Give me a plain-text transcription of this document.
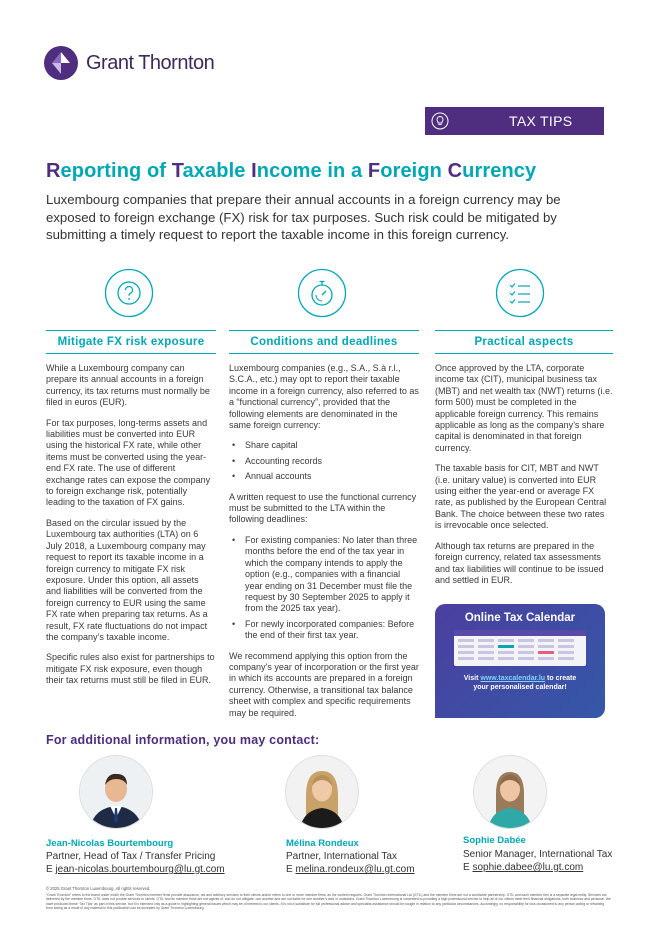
Grant Thornton
TAX TIPS
Reporting of Taxable Income in a Foreign Currency
Luxembourg companies that prepare their annual accounts in a foreign currency may be exposed to foreign exchange (FX) risk for tax purposes. Such risk could be mitigated by submitting a timely request to report the taxable income in this foreign currency.
Mitigate FX risk exposure

While a Luxembourg company can prepare its annual accounts in a foreign currency, its tax returns must normally be filed in euros (EUR).

For tax purposes, long-terms assets and liabilities must be converted into EUR using the historical FX rate, while other items must be converted using the year-end FX rate. The use of different exchange rates can expose the company to foreign exchange risk, potentially leading to the taxation of FX gains.

Based on the circular issued by the Luxembourg tax authorities (LTA) on 6 July 2018, a Luxembourg company may request to report its taxable income in a foreign currency to mitigate FX risk exposure. Under this option, all assets and liabilities will be converted from the foreign currency to EUR using the same FX rate when preparing tax returns. As a result, FX rate fluctuations do not impact the company’s taxable income.

Specific rules also exist for partnerships to mitigate FX risk exposure, even though their tax returns must still be filed in EUR.

Conditions and deadlines

Luxembourg companies (e.g., S.A., S.à r.l., S.C.A., etc.) may opt to report their taxable income in a foreign currency, also referred to as a “functional currency”, provided that the following elements are denominated in the same foreign currency:

• Share capital
• Accounting records
• Annual accounts

A written request to use the functional currency must be submitted to the LTA within the following deadlines:

• For existing companies: No later than three months before the end of the tax year in which the company intends to apply the option (e.g., companies with a financial year ending on 31 December must file the request by 30 September 2025 to apply it from the 2025 tax year).
• For newly incorporated companies: Before the end of their first tax year.

We recommend applying this option from the company’s year of incorporation or the first year in which its accounts are prepared in a foreign currency. Otherwise, a transitional tax balance sheet with complex and specific requirements may be required.

Practical aspects

Once approved by the LTA, corporate income tax (CIT), municipal business tax (MBT) and net wealth tax (NWT) returns (i.e. form 500) must be completed in the applicable foreign currency. This remains applicable as long as the company’s share capital is denominated in that foreign currency.

The taxable basis for CIT, MBT and NWT (i.e. unitary value) is converted into EUR using either the year-end or average FX rate, as published by the European Central Bank. The choice between these two rates is irrevocable once selected.

Although tax returns are prepared in the foreign currency, related tax assessments and tax liabilities will continue to be issued and settled in EUR.

Online Tax Calendar
Visit www.taxcalendar.lu to create
your personalised calendar!
For additional information, you may contact:
Jean-Nicolas Bourtembourg
Partner, Head of Tax / Transfer Pricing
E jean-nicolas.bourtembourg@lu.gt.com
Mélina Rondeux
Partner, International Tax
E melina.rondeux@lu.gt.com
Sophie Dabée
Senior Manager, International Tax
E sophie.dabee@lu.gt.com
© 2025 Grant Thornton Luxembourg. All rights reserved.
“Grant Thornton” refers to the brand under which the Grant Thornton member firms provide assurance, tax and advisory services to their clients and/or refers to one or more member firms, as the context requires. Grant Thornton International Ltd (GTIL) and the member firms are not a worldwide partnership. GTIL and each member firm is a separate legal entity. Services are delivered by the member firms. GTIL does not provide services to clients. GTIL and its member firms are not agents of, and do not obligate, one another and are not liable for one another’s acts or omissions. Grant Thornton Luxembourg is committed to providing a high professional service to help all of our clients meet their financial obligations, both business and personal. We have produced these “Tax Tips” as part of this service, but it is intended only as a guide in highlighting general issues which may be of interest to our clients. It is not a substitute for full professional advice and specialist assistance should be sought in relation to any particular circumstances. Accordingly, no responsibility for loss occasioned to any person acting or refraining from acting as a result of any material in this publication can be accepted by Grant Thornton Luxembourg.
